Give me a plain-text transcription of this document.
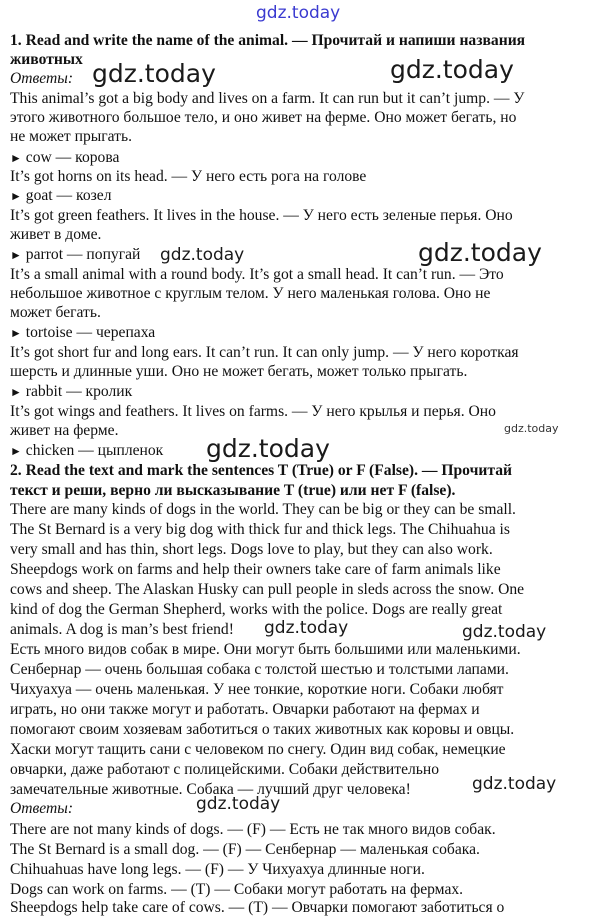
gdz.today
gdz.today	gdz.today
gdz.today	gdz.today
gdz.today
gdz.today
gdz.today	gdz.today
gdz.today
gdz.today
1. Read and write the name of the animal. — Прочитай и напиши названия
животных
Ответы:
This animal’s got a big body and lives on a farm. It can run but it can’t jump. — У
этого животного большое тело, и оно живет на ферме. Оно может бегать, но
не может прыгать.
► cow — корова
It’s got horns on its head. — У него есть рога на голове
► goat — козел
It’s got green feathers. It lives in the house. — У него есть зеленые перья. Оно
живет в доме.
► parrot — попугай
It’s a small animal with a round body. It’s got a small head. It can’t run. — Это
небольшое животное с круглым телом. У него маленькая голова. Оно не
может бегать.
► tortoise — черепаха
It’s got short fur and long ears. It can’t run. It can only jump. — У него короткая
шерсть и длинные уши. Оно не может бегать, может только прыгать.
► rabbit — кролик
It’s got wings and feathers. It lives on farms. — У него крылья и перья. Оно
живет на ферме.
► chicken — цыпленок
2. Read the text and mark the sentences T (True) or F (False). — Прочитай
текст и реши, верно ли высказывание T (true) или нет F (false).
There are many kinds of dogs in the world. They can be big or they can be small.
The St Bernard is a very big dog with thick fur and thick legs. The Chihuahua is
very small and has thin, short legs. Dogs love to play, but they can also work.
Sheepdogs work on farms and help their owners take care of farm animals like
cows and sheep. The Alaskan Husky can pull people in sleds across the snow. One
kind of dog the German Shepherd, works with the police. Dogs are really great
animals. A dog is man’s best friend!
Есть много видов собак в мире. Они могут быть большими или маленькими.
Сенбернар — очень большая собака с толстой шестью и толстыми лапами.
Чихуахуа — очень маленькая. У нее тонкие, короткие ноги. Собаки любят
играть, но они также могут и работать. Овчарки работают на фермах и
помогают своим хозяевам заботиться о таких животных как коровы и овцы.
Хаски могут тащить сани с человеком по снегу. Один вид собак, немецкие
овчарки, даже работают с полицейскими. Собаки действительно
замечательные животные. Собака — лучший друг человека!
Ответы:
There are not many kinds of dogs. — (F) — Есть не так много видов собак.
The St Bernard is a small dog. — (F) — Сенбернар — маленькая собака.
Chihuahuas have long legs. — (F) — У Чихуахуа длинные ноги.
Dogs can work on farms. — (T) — Собаки могут работать на фермах.
Sheepdogs help take care of cows. — (T) — Овчарки помогают заботиться о
